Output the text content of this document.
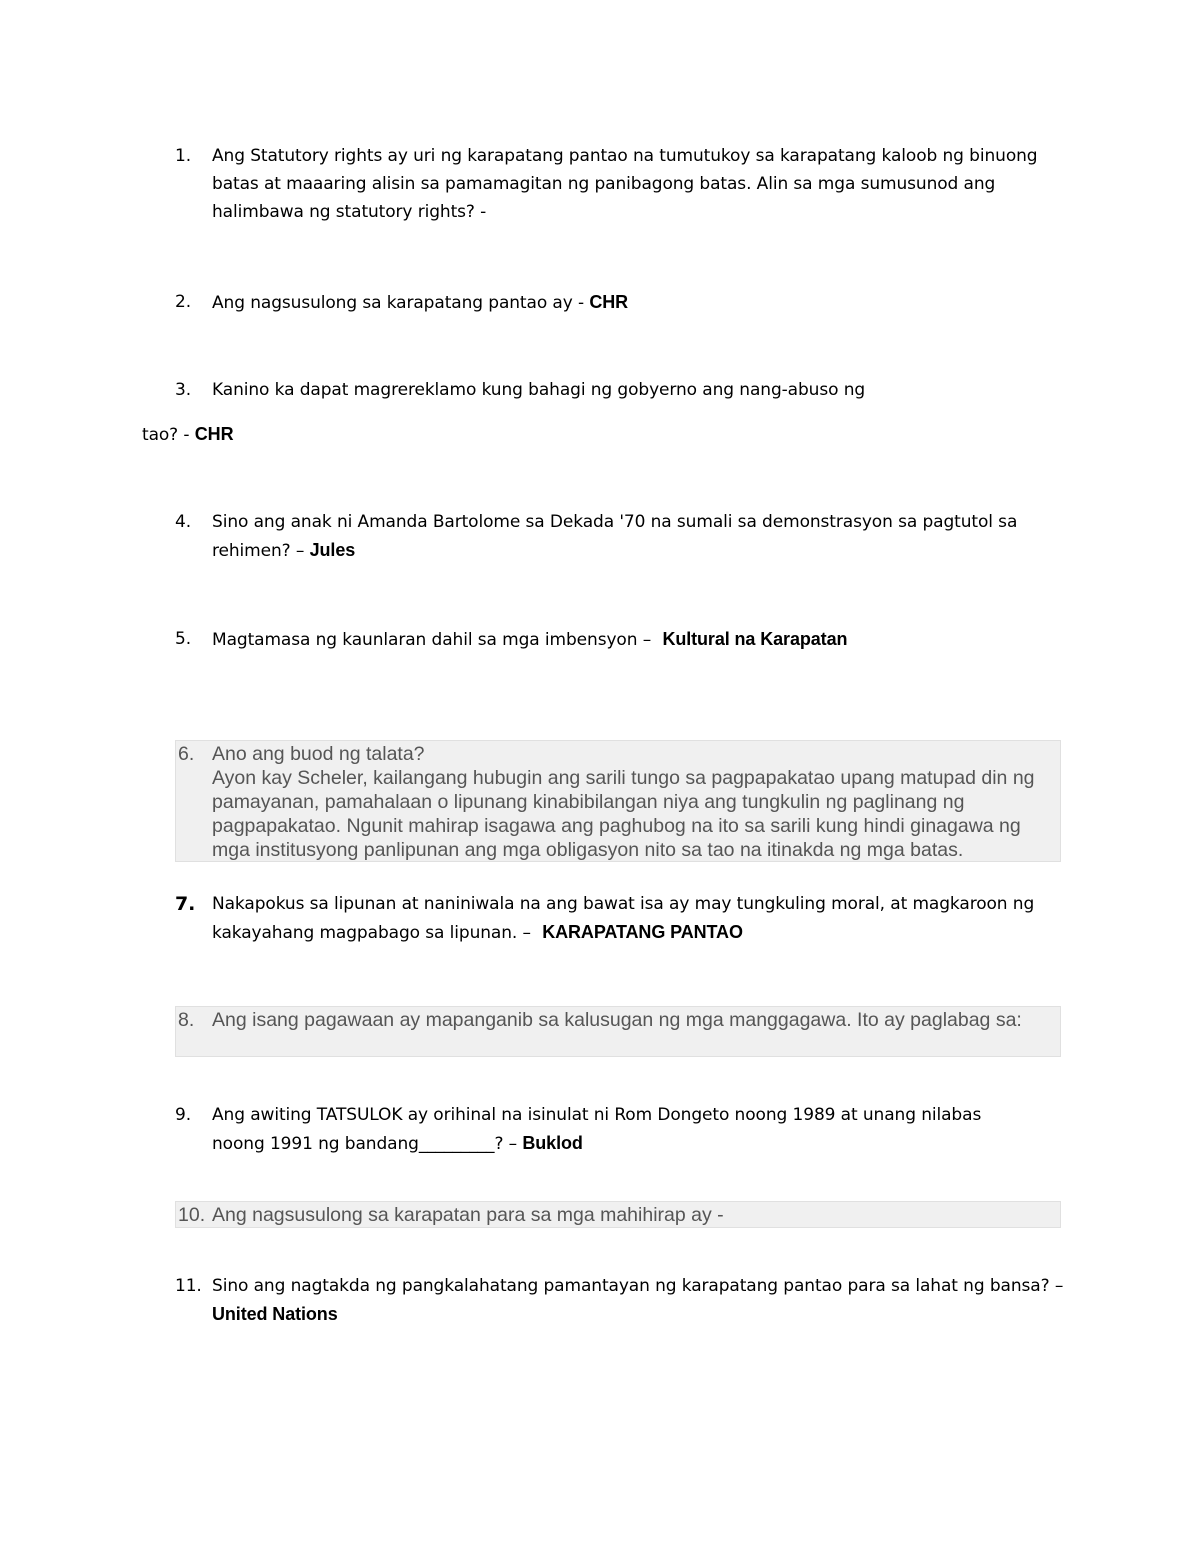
1.	Ang Statutory rights ay uri ng karapatang pantao na tumutukoy sa karapatang kaloob ng binuong batas at maaaring alisin sa pamamagitan ng panibagong batas. Alin sa mga sumusunod ang halimbawa ng statutory rights? -
2.	Ang nagsusulong sa karapatang pantao ay - CHR
3.	Kanino ka dapat magrereklamo kung bahagi ng gobyerno ang nang-abuso ng
tao? - CHR
4.	Sino ang anak ni Amanda Bartolome sa Dekada '70 na sumali sa demonstrasyon sa pagtutol sa rehimen? – Jules
5.	Magtamasa ng kaunlaran dahil sa mga imbensyon – Kultural na Karapatan
6. Ano ang buod ng talata?
Ayon kay Scheler, kailangang hubugin ang sarili tungo sa pagpapakatao upang matupad din ng pamayanan, pamahalaan o lipunang kinabibilangan niya ang tungkulin ng paglinang ng pagpapakatao. Ngunit mahirap isagawa ang paghubog na ito sa sarili kung hindi ginagawa ng mga institusyong panlipunan ang mga obligasyon nito sa tao na itinakda ng mga batas.
7. Nakapokus sa lipunan at naniniwala na ang bawat isa ay may tungkuling moral, at magkaroon ng kakayahang magpabago sa lipunan. – KARAPATANG PANTAO
8. Ang isang pagawaan ay mapanganib sa kalusugan ng mga manggagawa. Ito ay paglabag sa:
9.	Ang awiting TATSULOK ay orihinal na isinulat ni Rom Dongeto noong 1989 at unang nilabas noong 1991 ng bandang_________? – Buklod
10. Ang nagsusulong sa karapatan para sa mga mahihirap ay -
11. Sino ang nagtakda ng pangkalahatang pamantayan ng karapatang pantao para sa lahat ng bansa? – United Nations
